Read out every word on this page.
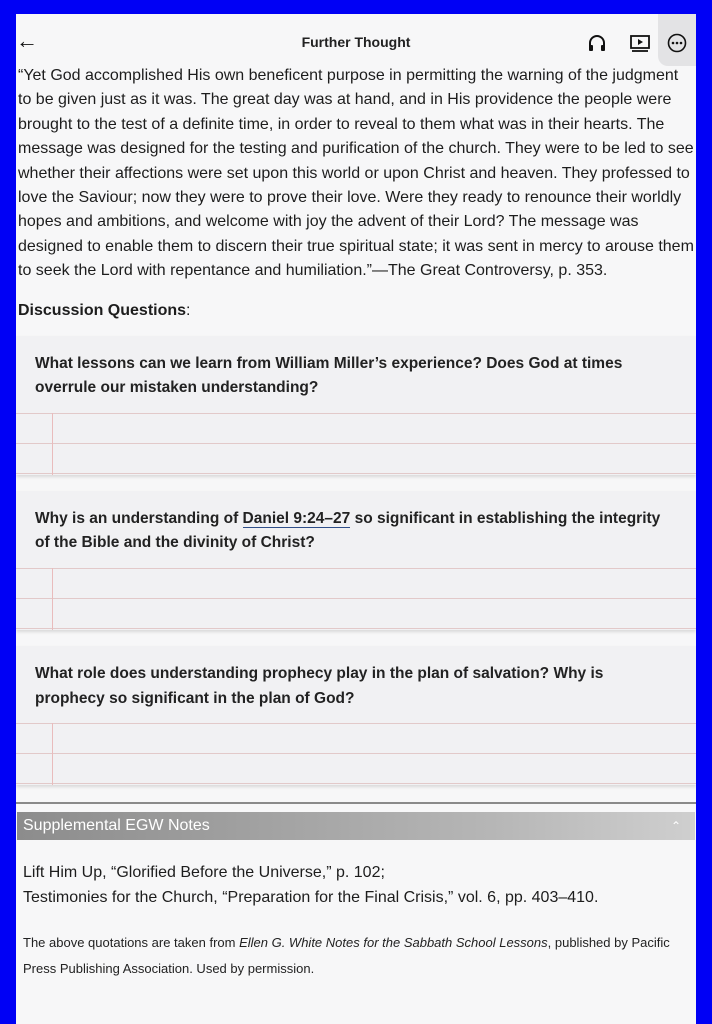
←	Further Thought

“Yet God accomplished His own beneficent purpose in permitting the warning of the judgment to be given just as it was. The great day was at hand, and in His providence the people were brought to the test of a definite time, in order to reveal to them what was in their hearts. The message was designed for the testing and purification of the church. They were to be led to see whether their affections were set upon this world or upon Christ and heaven. They professed to love the Saviour; now they were to prove their love. Were they ready to renounce their worldly hopes and ambitions, and welcome with joy the advent of their Lord? The message was designed to enable them to discern their true spiritual state; it was sent in mercy to arouse them to seek the Lord with repentance and humiliation.”—The Great Controversy, p. 353.

Discussion Questions:
What lessons can we learn from William Miller’s experience? Does God at times overrule our mistaken understanding?
Why is an understanding of Daniel 9:24–27 so significant in establishing the integrity of the Bible and the divinity of Christ?
What role does understanding prophecy play in the plan of salvation? Why is prophecy so significant in the plan of God?
Supplemental EGW Notes	⌃
Lift Him Up, “Glorified Before the Universe,” p. 102;
Testimonies for the Church, “Preparation for the Final Crisis,” vol. 6, pp. 403–410.
The above quotations are taken from Ellen G. White Notes for the Sabbath School Lessons, published by Pacific Press Publishing Association. Used by permission.
